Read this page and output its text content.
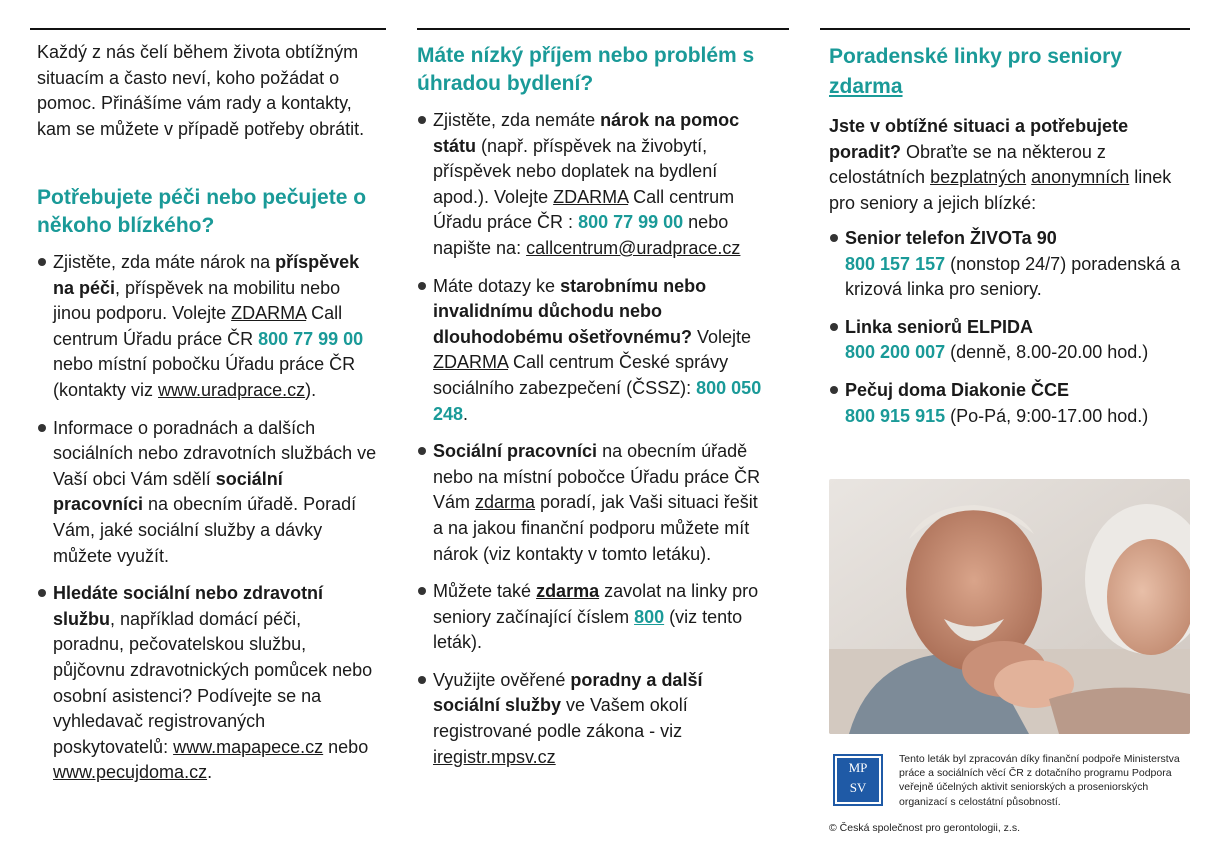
Každý z nás čelí během života obtížným situacím a často neví, koho požádat o pomoc. Přinášíme vám rady a kontakty, kam se můžete v případě potřeby obrátit.
Potřebujete péči nebo pečujete o někoho blízkého?
Zjistěte, zda máte nárok na příspěvek na péči, příspěvek na mobilitu nebo jinou podporu. Volejte ZDARMA Call centrum Úřadu práce ČR 800 77 99 00 nebo místní pobočku Úřadu práce ČR (kontakty viz www.uradprace.cz).
Informace o poradnách a dalších sociálních nebo zdravotních službách ve Vaší obci Vám sdělí sociální pracovníci na obecním úřadě. Poradí Vám, jaké sociální služby a dávky můžete využít.
Hledáte sociální nebo zdravotní službu, například domácí péči, poradnu, pečovatelskou službu, půjčovnu zdravotnických pomůcek nebo osobní asistenci? Podívejte se na vyhledavač registrovaných poskytovatelů: www.mapapece.cz nebo www.pecujdoma.cz.
Máte nízký příjem nebo problém s úhradou bydlení?
Zjistěte, zda nemáte nárok na pomoc státu (např. příspěvek na živobytí, příspěvek nebo doplatek na bydlení apod.). Volejte ZDARMA Call centrum Úřadu práce ČR : 800 77 99 00 nebo napište na: callcentrum@uradprace.cz
Máte dotazy ke starobnímu nebo invalidnímu důchodu nebo dlouhodobému ošetřovnému? Volejte ZDARMA Call centrum České správy sociálního zabezpečení (ČSSZ): 800 050 248.
Sociální pracovníci na obecním úřadě nebo na místní pobočce Úřadu práce ČR Vám zdarma poradí, jak Vaši situaci řešit a na jakou finanční podporu můžete mít nárok (viz kontakty v tomto letáku).
Můžete také zdarma zavolat na linky pro seniory začínající číslem 800 (viz tento leták).
Využijte ověřené poradny a další sociální služby ve Vašem okolí registrované podle zákona - viz iregistr.mpsv.cz
Poradenské linky pro seniory zdarma
Jste v obtížné situaci a potřebujete poradit? Obraťte se na některou z celostátních bezplatných anonymních linek pro seniory a jejich blízké:
Senior telefon ŽIVOTa 90
800 157 157 (nonstop 24/7) poradenská a krizová linka pro seniory.
Linka seniorů ELPIDA
800 200 007 (denně, 8.00-20.00 hod.)
Pečuj doma Diakonie ČCE
800 915 915 (Po-Pá, 9:00-17.00 hod.)
MP
SV
Tento leták byl zpracován díky finanční podpoře Ministerstva práce a sociálních věcí ČR z dotačního programu Podpora veřejně účelných aktivit seniorských a proseniorských organizací s celostátní působností.
© Česká společnost pro gerontologii, z.s.
